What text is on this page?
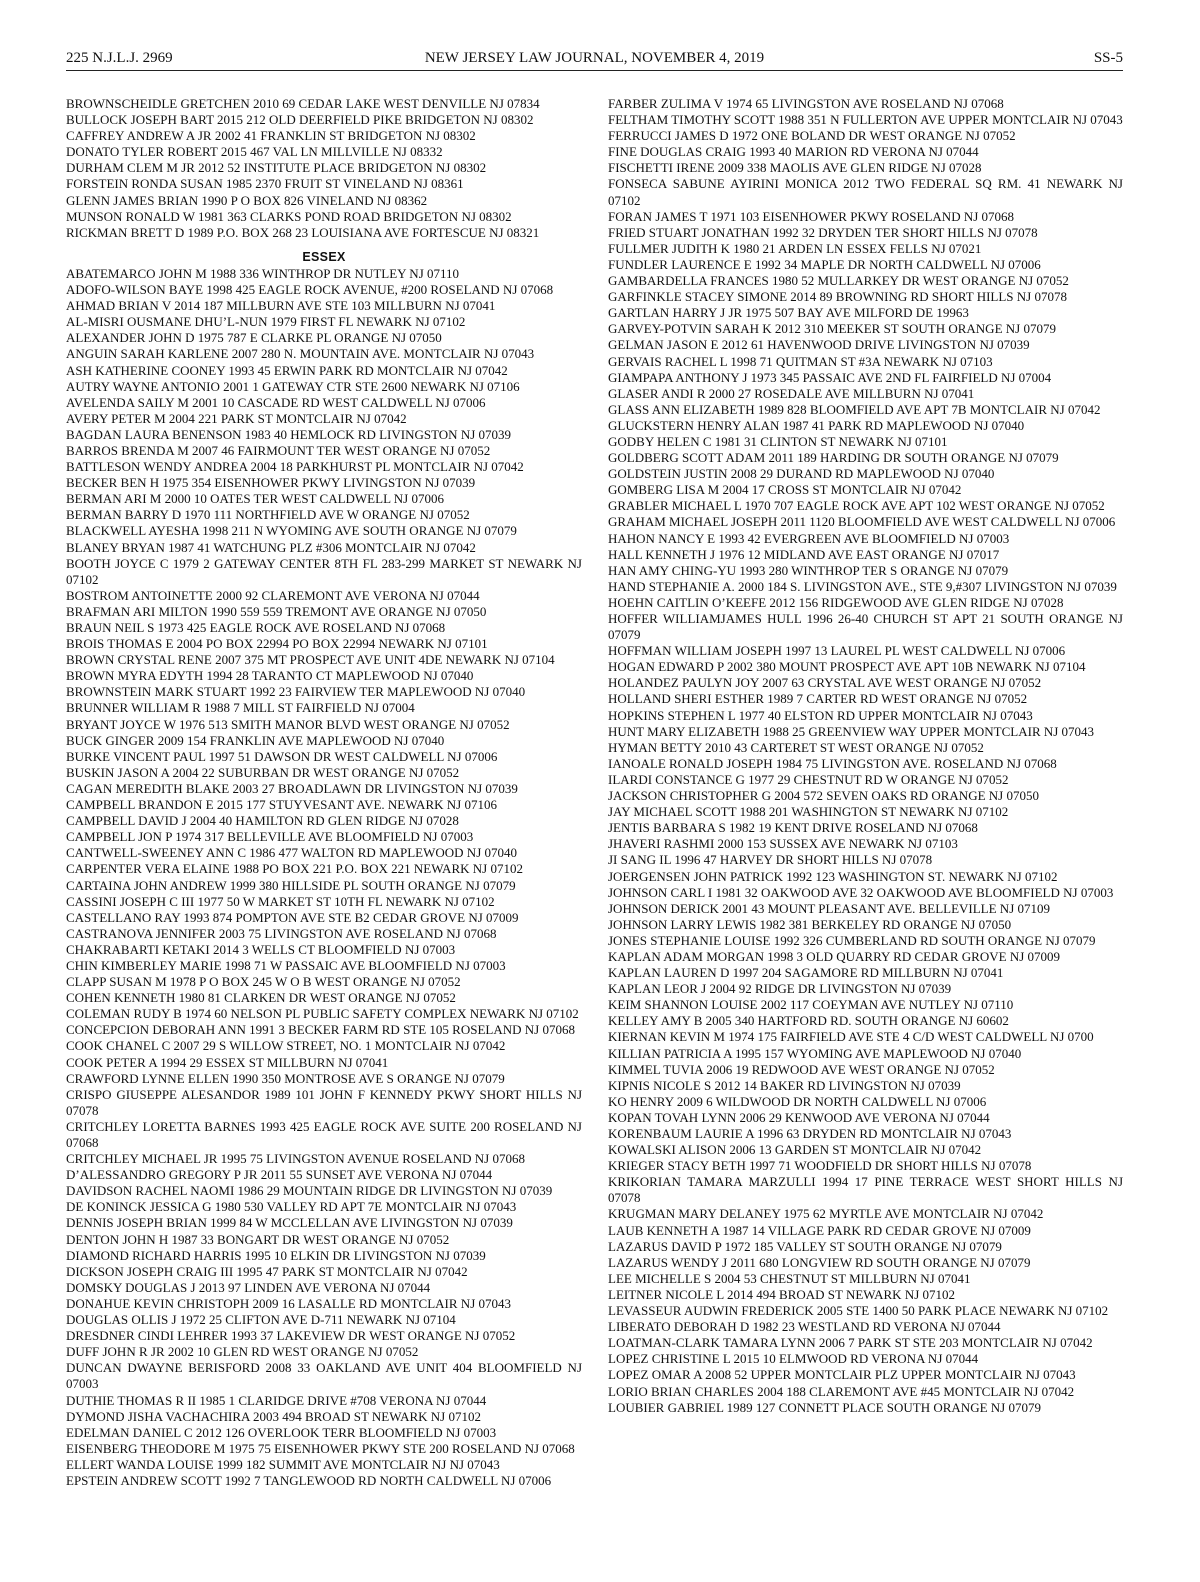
NEW JERSEY LAW JOURNAL, NOVEMBER 4, 2019
225 N.J.L.J. 2969	SS-5
BROWNSCHEIDLE GRETCHEN 2010 69 CEDAR LAKE WEST DENVILLE NJ 07834
BULLOCK JOSEPH BART 2015 212 OLD DEERFIELD PIKE BRIDGETON NJ 08302
CAFFREY ANDREW A JR 2002 41 FRANKLIN ST BRIDGETON NJ 08302
DONATO TYLER ROBERT 2015 467 VAL LN MILLVILLE NJ 08332
DURHAM CLEM M JR 2012 52 INSTITUTE PLACE BRIDGETON NJ 08302
FORSTEIN RONDA SUSAN 1985 2370 FRUIT ST VINELAND NJ 08361
GLENN JAMES BRIAN 1990 P O BOX 826 VINELAND NJ 08362
MUNSON RONALD W 1981 363 CLARKS POND ROAD BRIDGETON NJ 08302
RICKMAN BRETT D 1989 P.O. BOX 268 23 LOUISIANA AVE FORTESCUE NJ 08321
ESSEX
ABATEMARCO JOHN M 1988 336 WINTHROP DR NUTLEY NJ 07110
ADOFO-WILSON BAYE 1998 425 EAGLE ROCK AVENUE, #200 ROSELAND NJ 07068
AHMAD BRIAN V 2014 187 MILLBURN AVE STE 103 MILLBURN NJ 07041
AL-MISRI OUSMANE DHU’L-NUN 1979 FIRST FL NEWARK NJ 07102
ALEXANDER JOHN D 1975 787 E CLARKE PL ORANGE NJ 07050
ANGUIN SARAH KARLENE 2007 280 N. MOUNTAIN AVE. MONTCLAIR NJ 07043
ASH KATHERINE COONEY 1993 45 ERWIN PARK RD MONTCLAIR NJ 07042
AUTRY WAYNE ANTONIO 2001 1 GATEWAY CTR STE 2600 NEWARK NJ 07106
AVELENDA SAILY M 2001 10 CASCADE RD WEST CALDWELL NJ 07006
AVERY PETER M 2004 221 PARK ST MONTCLAIR NJ 07042
BAGDAN LAURA BENENSON 1983 40 HEMLOCK RD LIVINGSTON NJ 07039
BARROS BRENDA M 2007 46 FAIRMOUNT TER WEST ORANGE NJ 07052
BATTLESON WENDY ANDREA 2004 18 PARKHURST PL MONTCLAIR NJ 07042
BECKER BEN H 1975 354 EISENHOWER PKWY LIVINGSTON NJ 07039
BERMAN ARI M 2000 10 OATES TER WEST CALDWELL NJ 07006
BERMAN BARRY D 1970 111 NORTHFIELD AVE W ORANGE NJ 07052
BLACKWELL AYESHA 1998 211 N WYOMING AVE SOUTH ORANGE NJ 07079
BLANEY BRYAN 1987 41 WATCHUNG PLZ #306 MONTCLAIR NJ 07042
BOOTH JOYCE C 1979 2 GATEWAY CENTER 8TH FL 283-299 MARKET ST NEWARK NJ 07102
BOSTROM ANTOINETTE 2000 92 CLAREMONT AVE VERONA NJ 07044
BRAFMAN ARI MILTON 1990 559 559 TREMONT AVE ORANGE NJ 07050
BRAUN NEIL S 1973 425 EAGLE ROCK AVE ROSELAND NJ 07068
BROIS THOMAS E 2004 PO BOX 22994 PO BOX 22994 NEWARK NJ 07101
BROWN CRYSTAL RENE 2007 375 MT PROSPECT AVE UNIT 4DE NEWARK NJ 07104
BROWN MYRA EDYTH 1994 28 TARANTO CT MAPLEWOOD NJ 07040
BROWNSTEIN MARK STUART 1992 23 FAIRVIEW TER MAPLEWOOD NJ 07040
BRUNNER WILLIAM R 1988 7 MILL ST FAIRFIELD NJ 07004
BRYANT JOYCE W 1976 513 SMITH MANOR BLVD WEST ORANGE NJ 07052
BUCK GINGER 2009 154 FRANKLIN AVE MAPLEWOOD NJ 07040
BURKE VINCENT PAUL 1997 51 DAWSON DR WEST CALDWELL NJ 07006
BUSKIN JASON A 2004 22 SUBURBAN DR WEST ORANGE NJ 07052
CAGAN MEREDITH BLAKE 2003 27 BROADLAWN DR LIVINGSTON NJ 07039
CAMPBELL BRANDON E 2015 177 STUYVESANT AVE. NEWARK NJ 07106
CAMPBELL DAVID J 2004 40 HAMILTON RD GLEN RIDGE NJ 07028
CAMPBELL JON P 1974 317 BELLEVILLE AVE BLOOMFIELD NJ 07003
CANTWELL-SWEENEY ANN C 1986 477 WALTON RD MAPLEWOOD NJ 07040
CARPENTER VERA ELAINE 1988 PO BOX 221 P.O. BOX 221 NEWARK NJ 07102
CARTAINA JOHN ANDREW 1999 380 HILLSIDE PL SOUTH ORANGE NJ 07079
CASSINI JOSEPH C III 1977 50 W MARKET ST 10TH FL NEWARK NJ 07102
CASTELLANO RAY 1993 874 POMPTON AVE STE B2 CEDAR GROVE NJ 07009
CASTRANOVA JENNIFER 2003 75 LIVINGSTON AVE ROSELAND NJ 07068
CHAKRABARTI KETAKI 2014 3 WELLS CT BLOOMFIELD NJ 07003
CHIN KIMBERLEY MARIE 1998 71 W PASSAIC AVE BLOOMFIELD NJ 07003
CLAPP SUSAN M 1978 P O BOX 245 W O B WEST ORANGE NJ 07052
COHEN KENNETH 1980 81 CLARKEN DR WEST ORANGE NJ 07052
COLEMAN RUDY B 1974 60 NELSON PL PUBLIC SAFETY COMPLEX NEWARK NJ 07102
CONCEPCION DEBORAH ANN 1991 3 BECKER FARM RD STE 105 ROSELAND NJ 07068
COOK CHANEL C 2007 29 S WILLOW STREET, NO. 1 MONTCLAIR NJ 07042
COOK PETER A 1994 29 ESSEX ST MILLBURN NJ 07041
CRAWFORD LYNNE ELLEN 1990 350 MONTROSE AVE S ORANGE NJ 07079
CRISPO GIUSEPPE ALESANDOR 1989 101 JOHN F KENNEDY PKWY SHORT HILLS NJ 07078
CRITCHLEY LORETTA BARNES 1993 425 EAGLE ROCK AVE SUITE 200 ROSELAND NJ 07068
CRITCHLEY MICHAEL JR 1995 75 LIVINGSTON AVENUE ROSELAND NJ 07068
D’ALESSANDRO GREGORY P JR 2011 55 SUNSET AVE VERONA NJ 07044
DAVIDSON RACHEL NAOMI 1986 29 MOUNTAIN RIDGE DR LIVINGSTON NJ 07039
DE KONINCK JESSICA G 1980 530 VALLEY RD APT 7E MONTCLAIR NJ 07043
DENNIS JOSEPH BRIAN 1999 84 W MCCLELLAN AVE LIVINGSTON NJ 07039
DENTON JOHN H 1987 33 BONGART DR WEST ORANGE NJ 07052
DIAMOND RICHARD HARRIS 1995 10 ELKIN DR LIVINGSTON NJ 07039
DICKSON JOSEPH CRAIG III 1995 47 PARK ST MONTCLAIR NJ 07042
DOMSKY DOUGLAS J 2013 97 LINDEN AVE VERONA NJ 07044
DONAHUE KEVIN CHRISTOPH 2009 16 LASALLE RD MONTCLAIR NJ 07043
DOUGLAS OLLIS J 1972 25 CLIFTON AVE D-711 NEWARK NJ 07104
DRESDNER CINDI LEHRER 1993 37 LAKEVIEW DR WEST ORANGE NJ 07052
DUFF JOHN R JR 2002 10 GLEN RD WEST ORANGE NJ 07052
DUNCAN DWAYNE BERISFORD 2008 33 OAKLAND AVE UNIT 404 BLOOMFIELD NJ 07003
DUTHIE THOMAS R II 1985 1 CLARIDGE DRIVE #708 VERONA NJ 07044
DYMOND JISHA VACHACHIRA 2003 494 BROAD ST NEWARK NJ 07102
EDELMAN DANIEL C 2012 126 OVERLOOK TERR BLOOMFIELD NJ 07003
EISENBERG THEODORE M 1975 75 EISENHOWER PKWY STE 200 ROSELAND NJ 07068
ELLERT WANDA LOUISE 1999 182 SUMMIT AVE MONTCLAIR NJ NJ 07043
EPSTEIN ANDREW SCOTT 1992 7 TANGLEWOOD RD NORTH CALDWELL NJ 07006
FARBER ZULIMA V 1974 65 LIVINGSTON AVE ROSELAND NJ 07068
FELTHAM TIMOTHY SCOTT 1988 351 N FULLERTON AVE UPPER MONTCLAIR NJ 07043
FERRUCCI JAMES D 1972 ONE BOLAND DR WEST ORANGE NJ 07052
FINE DOUGLAS CRAIG 1993 40 MARION RD VERONA NJ 07044
FISCHETTI IRENE 2009 338 MAOLIS AVE GLEN RIDGE NJ 07028
FONSECA SABUNE AYIRINI MONICA 2012 TWO FEDERAL SQ RM. 41 NEWARK NJ 07102
FORAN JAMES T 1971 103 EISENHOWER PKWY ROSELAND NJ 07068
FRIED STUART JONATHAN 1992 32 DRYDEN TER SHORT HILLS NJ 07078
FULLMER JUDITH K 1980 21 ARDEN LN ESSEX FELLS NJ 07021
FUNDLER LAURENCE E 1992 34 MAPLE DR NORTH CALDWELL NJ 07006
GAMBARDELLA FRANCES 1980 52 MULLARKEY DR WEST ORANGE NJ 07052
GARFINKLE STACEY SIMONE 2014 89 BROWNING RD SHORT HILLS NJ 07078
GARTLAN HARRY J JR 1975 507 BAY AVE MILFORD DE 19963
GARVEY-POTVIN SARAH K 2012 310 MEEKER ST SOUTH ORANGE NJ 07079
GELMAN JASON E 2012 61 HAVENWOOD DRIVE LIVINGSTON NJ 07039
GERVAIS RACHEL L 1998 71 QUITMAN ST #3A NEWARK NJ 07103
GIAMPAPA ANTHONY J 1973 345 PASSAIC AVE 2ND FL FAIRFIELD NJ 07004
GLASER ANDI R 2000 27 ROSEDALE AVE MILLBURN NJ 07041
GLASS ANN ELIZABETH 1989 828 BLOOMFIELD AVE APT 7B MONTCLAIR NJ 07042
GLUCKSTERN HENRY ALAN 1987 41 PARK RD MAPLEWOOD NJ 07040
GODBY HELEN C 1981 31 CLINTON ST NEWARK NJ 07101
GOLDBERG SCOTT ADAM 2011 189 HARDING DR SOUTH ORANGE NJ 07079
GOLDSTEIN JUSTIN 2008 29 DURAND RD MAPLEWOOD NJ 07040
GOMBERG LISA M 2004 17 CROSS ST MONTCLAIR NJ 07042
GRABLER MICHAEL L 1970 707 EAGLE ROCK AVE APT 102 WEST ORANGE NJ 07052
GRAHAM MICHAEL JOSEPH 2011 1120 BLOOMFIELD AVE WEST CALDWELL NJ 07006
HAHON NANCY E 1993 42 EVERGREEN AVE BLOOMFIELD NJ 07003
HALL KENNETH J 1976 12 MIDLAND AVE EAST ORANGE NJ 07017
HAN AMY CHING-YU 1993 280 WINTHROP TER S ORANGE NJ 07079
HAND STEPHANIE A. 2000 184 S. LIVINGSTON AVE., STE 9,#307 LIVINGSTON NJ 07039
HOEHN CAITLIN O’KEEFE 2012 156 RIDGEWOOD AVE GLEN RIDGE NJ 07028
HOFFER WILLIAMJAMES HULL 1996 26-40 CHURCH ST APT 21 SOUTH ORANGE NJ 07079
HOFFMAN WILLIAM JOSEPH 1997 13 LAUREL PL WEST CALDWELL NJ 07006
HOGAN EDWARD P 2002 380 MOUNT PROSPECT AVE APT 10B NEWARK NJ 07104
HOLANDEZ PAULYN JOY 2007 63 CRYSTAL AVE WEST ORANGE NJ 07052
HOLLAND SHERI ESTHER 1989 7 CARTER RD WEST ORANGE NJ 07052
HOPKINS STEPHEN L 1977 40 ELSTON RD UPPER MONTCLAIR NJ 07043
HUNT MARY ELIZABETH 1988 25 GREENVIEW WAY UPPER MONTCLAIR NJ 07043
HYMAN BETTY 2010 43 CARTERET ST WEST ORANGE NJ 07052
IANOALE RONALD JOSEPH 1984 75 LIVINGSTON AVE. ROSELAND NJ 07068
ILARDI CONSTANCE G 1977 29 CHESTNUT RD W ORANGE NJ 07052
JACKSON CHRISTOPHER G 2004 572 SEVEN OAKS RD ORANGE NJ 07050
JAY MICHAEL SCOTT 1988 201 WASHINGTON ST NEWARK NJ 07102
JENTIS BARBARA S 1982 19 KENT DRIVE ROSELAND NJ 07068
JHAVERI RASHMI 2000 153 SUSSEX AVE NEWARK NJ 07103
JI SANG IL 1996 47 HARVEY DR SHORT HILLS NJ 07078
JOERGENSEN JOHN PATRICK 1992 123 WASHINGTON ST. NEWARK NJ 07102
JOHNSON CARL I 1981 32 OAKWOOD AVE 32 OAKWOOD AVE BLOOMFIELD NJ 07003
JOHNSON DERICK 2001 43 MOUNT PLEASANT AVE. BELLEVILLE NJ 07109
JOHNSON LARRY LEWIS 1982 381 BERKELEY RD ORANGE NJ 07050
JONES STEPHANIE LOUISE 1992 326 CUMBERLAND RD SOUTH ORANGE NJ 07079
KAPLAN ADAM MORGAN 1998 3 OLD QUARRY RD CEDAR GROVE NJ 07009
KAPLAN LAUREN D 1997 204 SAGAMORE RD MILLBURN NJ 07041
KAPLAN LEOR J 2004 92 RIDGE DR LIVINGSTON NJ 07039
KEIM SHANNON LOUISE 2002 117 COEYMAN AVE NUTLEY NJ 07110
KELLEY AMY B 2005 340 HARTFORD RD. SOUTH ORANGE NJ 60602
KIERNAN KEVIN M 1974 175 FAIRFIELD AVE STE 4 C/D WEST CALDWELL NJ 0700
KILLIAN PATRICIA A 1995 157 WYOMING AVE MAPLEWOOD NJ 07040
KIMMEL TUVIA 2006 19 REDWOOD AVE WEST ORANGE NJ 07052
KIPNIS NICOLE S 2012 14 BAKER RD LIVINGSTON NJ 07039
KO HENRY 2009 6 WILDWOOD DR NORTH CALDWELL NJ 07006
KOPAN TOVAH LYNN 2006 29 KENWOOD AVE VERONA NJ 07044
KORENBAUM LAURIE A 1996 63 DRYDEN RD MONTCLAIR NJ 07043
KOWALSKI ALISON 2006 13 GARDEN ST MONTCLAIR NJ 07042
KRIEGER STACY BETH 1997 71 WOODFIELD DR SHORT HILLS NJ 07078
KRIKORIAN TAMARA MARZULLI 1994 17 PINE TERRACE WEST SHORT HILLS NJ 07078
KRUGMAN MARY DELANEY 1975 62 MYRTLE AVE MONTCLAIR NJ 07042
LAUB KENNETH A 1987 14 VILLAGE PARK RD CEDAR GROVE NJ 07009
LAZARUS DAVID P 1972 185 VALLEY ST SOUTH ORANGE NJ 07079
LAZARUS WENDY J 2011 680 LONGVIEW RD SOUTH ORANGE NJ 07079
LEE MICHELLE S 2004 53 CHESTNUT ST MILLBURN NJ 07041
LEITNER NICOLE L 2014 494 BROAD ST NEWARK NJ 07102
LEVASSEUR AUDWIN FREDERICK 2005 STE 1400 50 PARK PLACE NEWARK NJ 07102
LIBERATO DEBORAH D 1982 23 WESTLAND RD VERONA NJ 07044
LOATMAN-CLARK TAMARA LYNN 2006 7 PARK ST STE 203 MONTCLAIR NJ 07042
LOPEZ CHRISTINE L 2015 10 ELMWOOD RD VERONA NJ 07044
LOPEZ OMAR A 2008 52 UPPER MONTCLAIR PLZ UPPER MONTCLAIR NJ 07043
LORIO BRIAN CHARLES 2004 188 CLAREMONT AVE #45 MONTCLAIR NJ 07042
LOUBIER GABRIEL 1989 127 CONNETT PLACE SOUTH ORANGE NJ 07079
